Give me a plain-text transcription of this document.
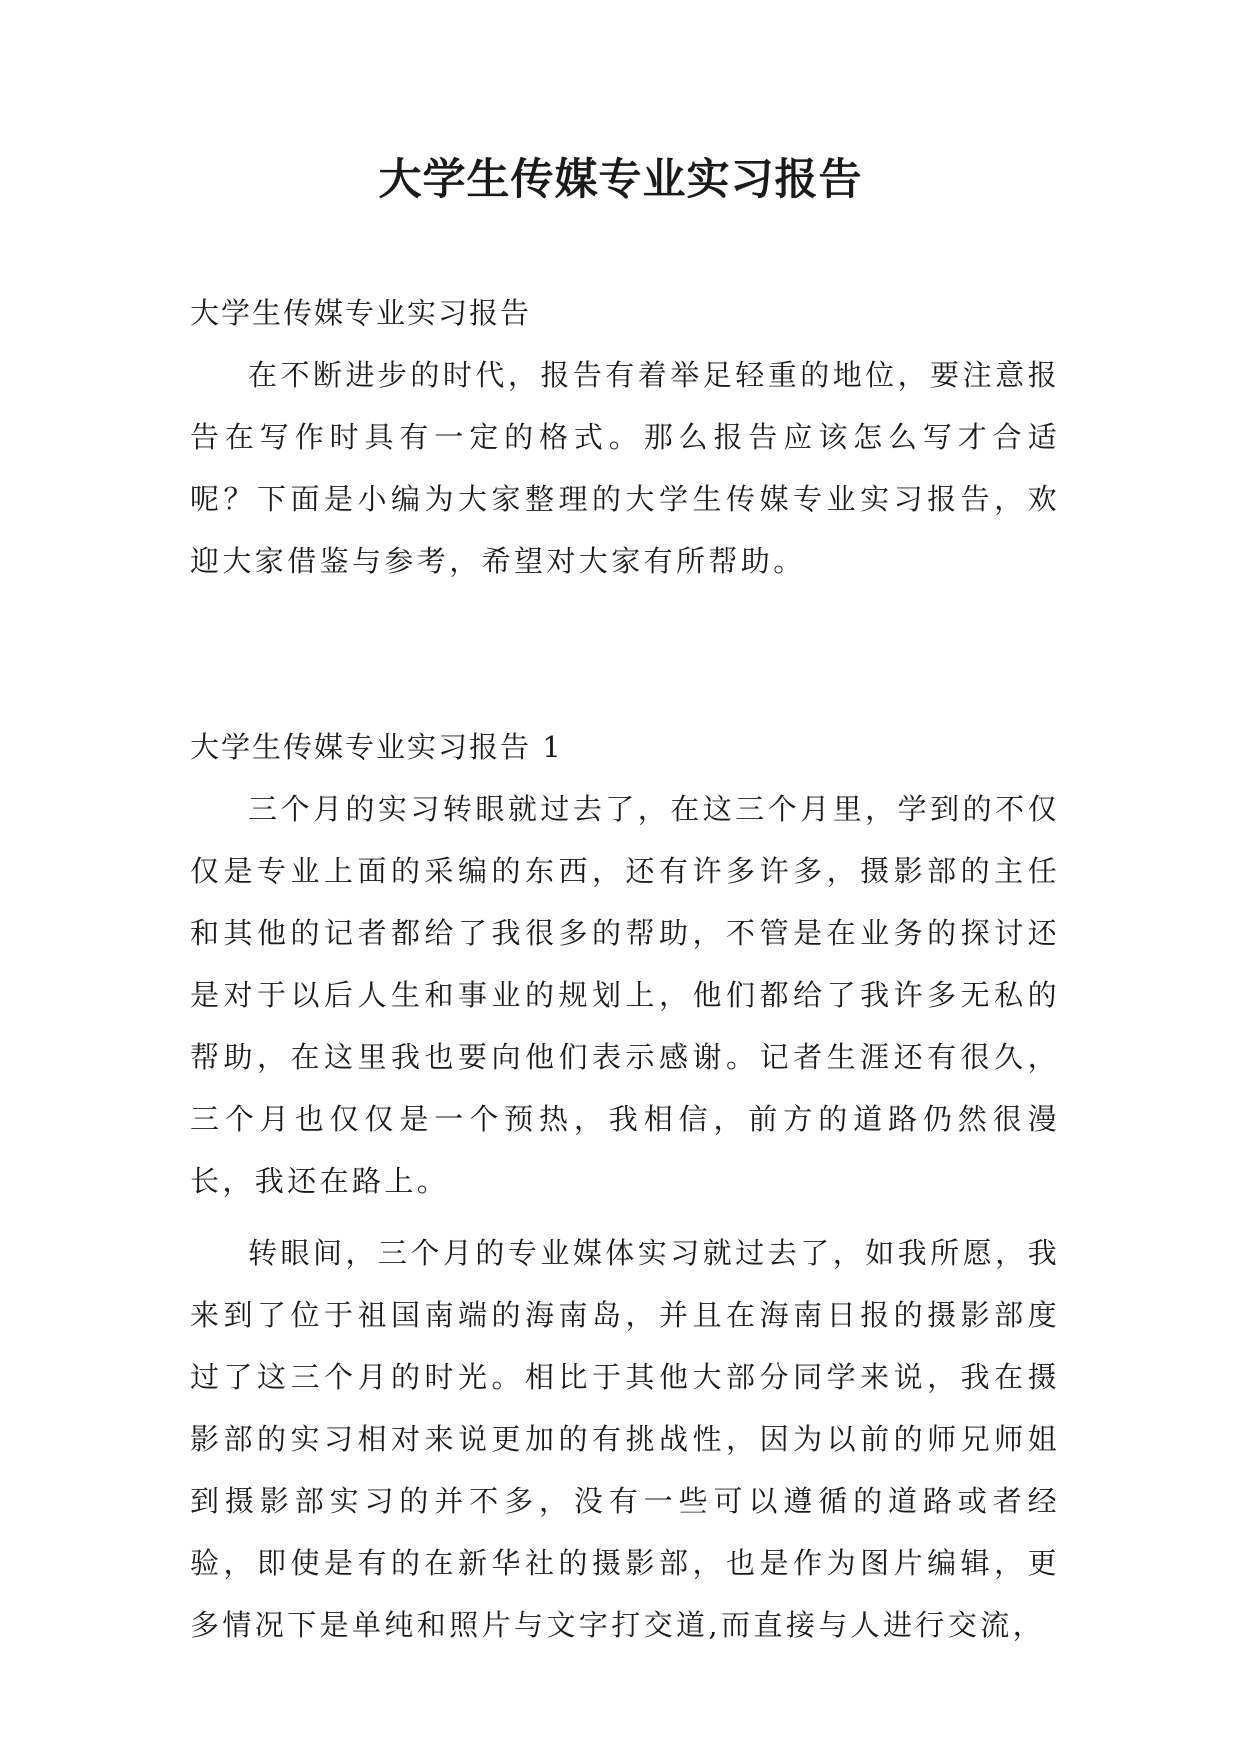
大学生传媒专业实习报告

大学生传媒专业实习报告

在不断进步的时代，报告有着举足轻重的地位，要注意报告在写作时具有一定的格式。那么报告应该怎么写才合适呢？下面是小编为大家整理的大学生传媒专业实习报告，欢迎大家借鉴与参考，希望对大家有所帮助。

大学生传媒专业实习报告 1

三个月的实习转眼就过去了，在这三个月里，学到的不仅仅是专业上面的采编的东西，还有许多许多，摄影部的主任和其他的记者都给了我很多的帮助，不管是在业务的探讨还是对于以后人生和事业的规划上，他们都给了我许多无私的帮助，在这里我也要向他们表示感谢。记者生涯还有很久，三个月也仅仅是一个预热，我相信，前方的道路仍然很漫长，我还在路上。

转眼间，三个月的专业媒体实习就过去了，如我所愿，我来到了位于祖国南端的海南岛，并且在海南日报的摄影部度过了这三个月的时光。相比于其他大部分同学来说，我在摄影部的实习相对来说更加的有挑战性，因为以前的师兄师姐到摄影部实习的并不多，没有一些可以遵循的道路或者经验，即使是有的在新华社的摄影部，也是作为图片编辑，更多情况下是单纯和照片与文字打交道,而直接与人进行交流，
